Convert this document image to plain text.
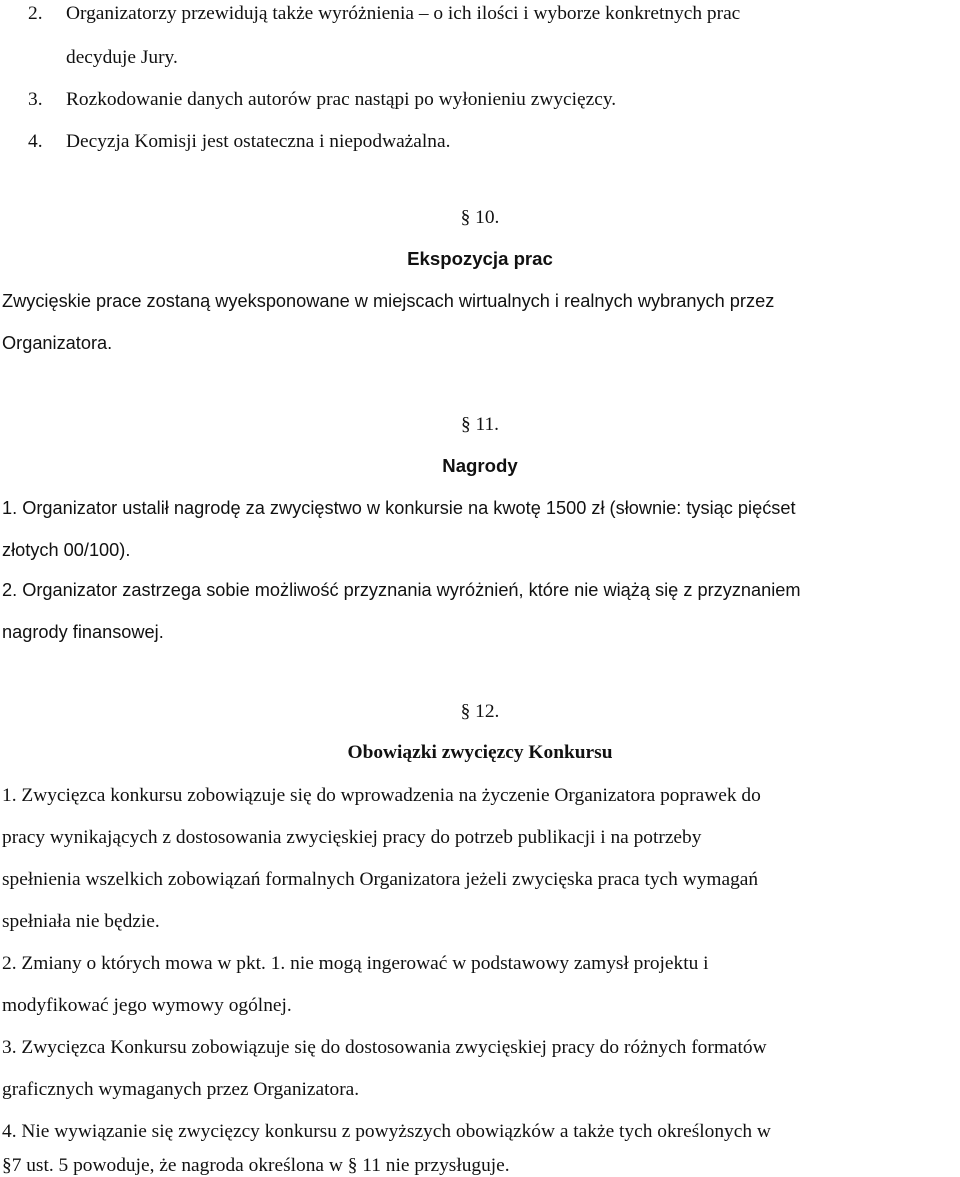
2. Organizatorzy przewidują także wyróżnienia – o ich ilości i wyborze konkretnych prac
decyduje Jury.
3. Rozkodowanie danych autorów prac nastąpi po wyłonieniu zwycięzcy.
4. Decyzja Komisji jest ostateczna i niepodważalna.
§ 10.
Ekspozycja prac
Zwycięskie prace zostaną wyeksponowane w miejscach wirtualnych i realnych wybranych przez
Organizatora.
§ 11.
Nagrody
1. Organizator ustalił nagrodę za zwycięstwo w konkursie na kwotę 1500 zł (słownie: tysiąc pięćset
złotych 00/100).
2. Organizator zastrzega sobie możliwość przyznania wyróżnień, które nie wiążą się z przyznaniem
nagrody finansowej.
§ 12.
Obowiązki zwycięzcy Konkursu
1. Zwycięzca konkursu zobowiązuje się do wprowadzenia na życzenie Organizatora poprawek do
pracy wynikających z dostosowania zwycięskiej pracy do potrzeb publikacji i na potrzeby
spełnienia wszelkich zobowiązań formalnych Organizatora jeżeli zwycięska praca tych wymagań
spełniała nie będzie.
2. Zmiany o których mowa w pkt. 1. nie mogą ingerować w podstawowy zamysł projektu i
modyfikować jego wymowy ogólnej.
3. Zwycięzca Konkursu zobowiązuje się do dostosowania zwycięskiej pracy do różnych formatów
graficznych wymaganych przez Organizatora.
4. Nie wywiązanie się zwycięzcy konkursu z powyższych obowiązków a także tych określonych w
§7 ust. 5 powoduje, że nagroda określona w § 11 nie przysługuje.
